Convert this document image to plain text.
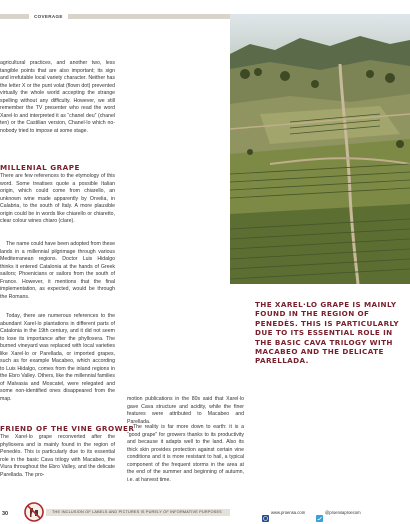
COVERAGE
agricultural practices, and another two, less tangible points that are also important; its sign and irrefutable local variety character. Neither has the letter X or the punt volat (flown dot) prevented virtually the whole world accepting the strange spelling without any difficulty. However, we still remember the TV presenter who read the word Xarel·lo and interpreted it as “chanel deu” (chanel ten) or the Castilian version, Chanel·lo which no-nobody tried to impose at some stage.
MILLENIAL GRAPE
There are few references to the etymology of this word. Some treatises quote a possible Italian origin, which could come from chiarello, an unknown wine made apparently by Orvelia, in Calabria, to the south of Italy. A more plausible origin could be in words like chiarello or chiaretto, clear colour wines chiaro (clare).
The name could have been adopted from these lands in a millennial pilgrimage through various Mediterranean regions. Doctor Luis Hidalgo thinks it entered Catalonia at the hands of Greek sailors; Phoenicians or sailors from the south of France. However, it mentions that the final implementation, as expected, would be through the Romans.
Today, there are numerous references to the abundant Xarel·lo plantations in different parts of Catalonia in the 19th century, and it did not seem to lose its importance after the phylloxera. The burned vineyard was replaced with local varieties like Xarel·lo or Parellada, or imported grapes, such as for example Macabeo, which according to Luis Hidalgo, comes from the inland regions in the Ebro Valley. Others, like the millennial families of Malvasia and Moscatel, were relegated and some non-identified ones disappeared from the map.
FRIEND OF THE VINE GROWER
The Xarel·lo grape reconverted after the phylloxera and is mainly found in the region of Penedès. This is particularly due to its essential role in the basic Cava trilogy with Macabeo, the Viura throughout the Ebro Valley, and the delicate Parellada. The pro-
motion publications in the 80s said that Xarel·lo gave Cava structure and acidity, while the finer features were attributed to Macabeo and Parellada.
The reality is far more down to earth: it is a “good grape” for growers thanks to its productivity and because it adapts well to the land. Also its thick skin provides protection against certain vine conditions and it is more resistant to hail, a typical component of the frequent storms in the area at the end of the summer and beginning of autumn, i.e. at harvest time.
THE XAREL·LO GRAPE IS MAINLY FOUND IN THE REGION OF PENEDÈS. THIS IS PARTICULARLY DUE TO ITS ESSENTIAL ROLE IN THE BASIC CAVA TRILOGY WITH MACABEO AND THE DELICATE PARELLADA.
30	THE INCLUSION OF LABELS AND PICTURES IS PURELY OF INFORMATIVE PURPOSES	www.proensa.com	@proensaproecom
